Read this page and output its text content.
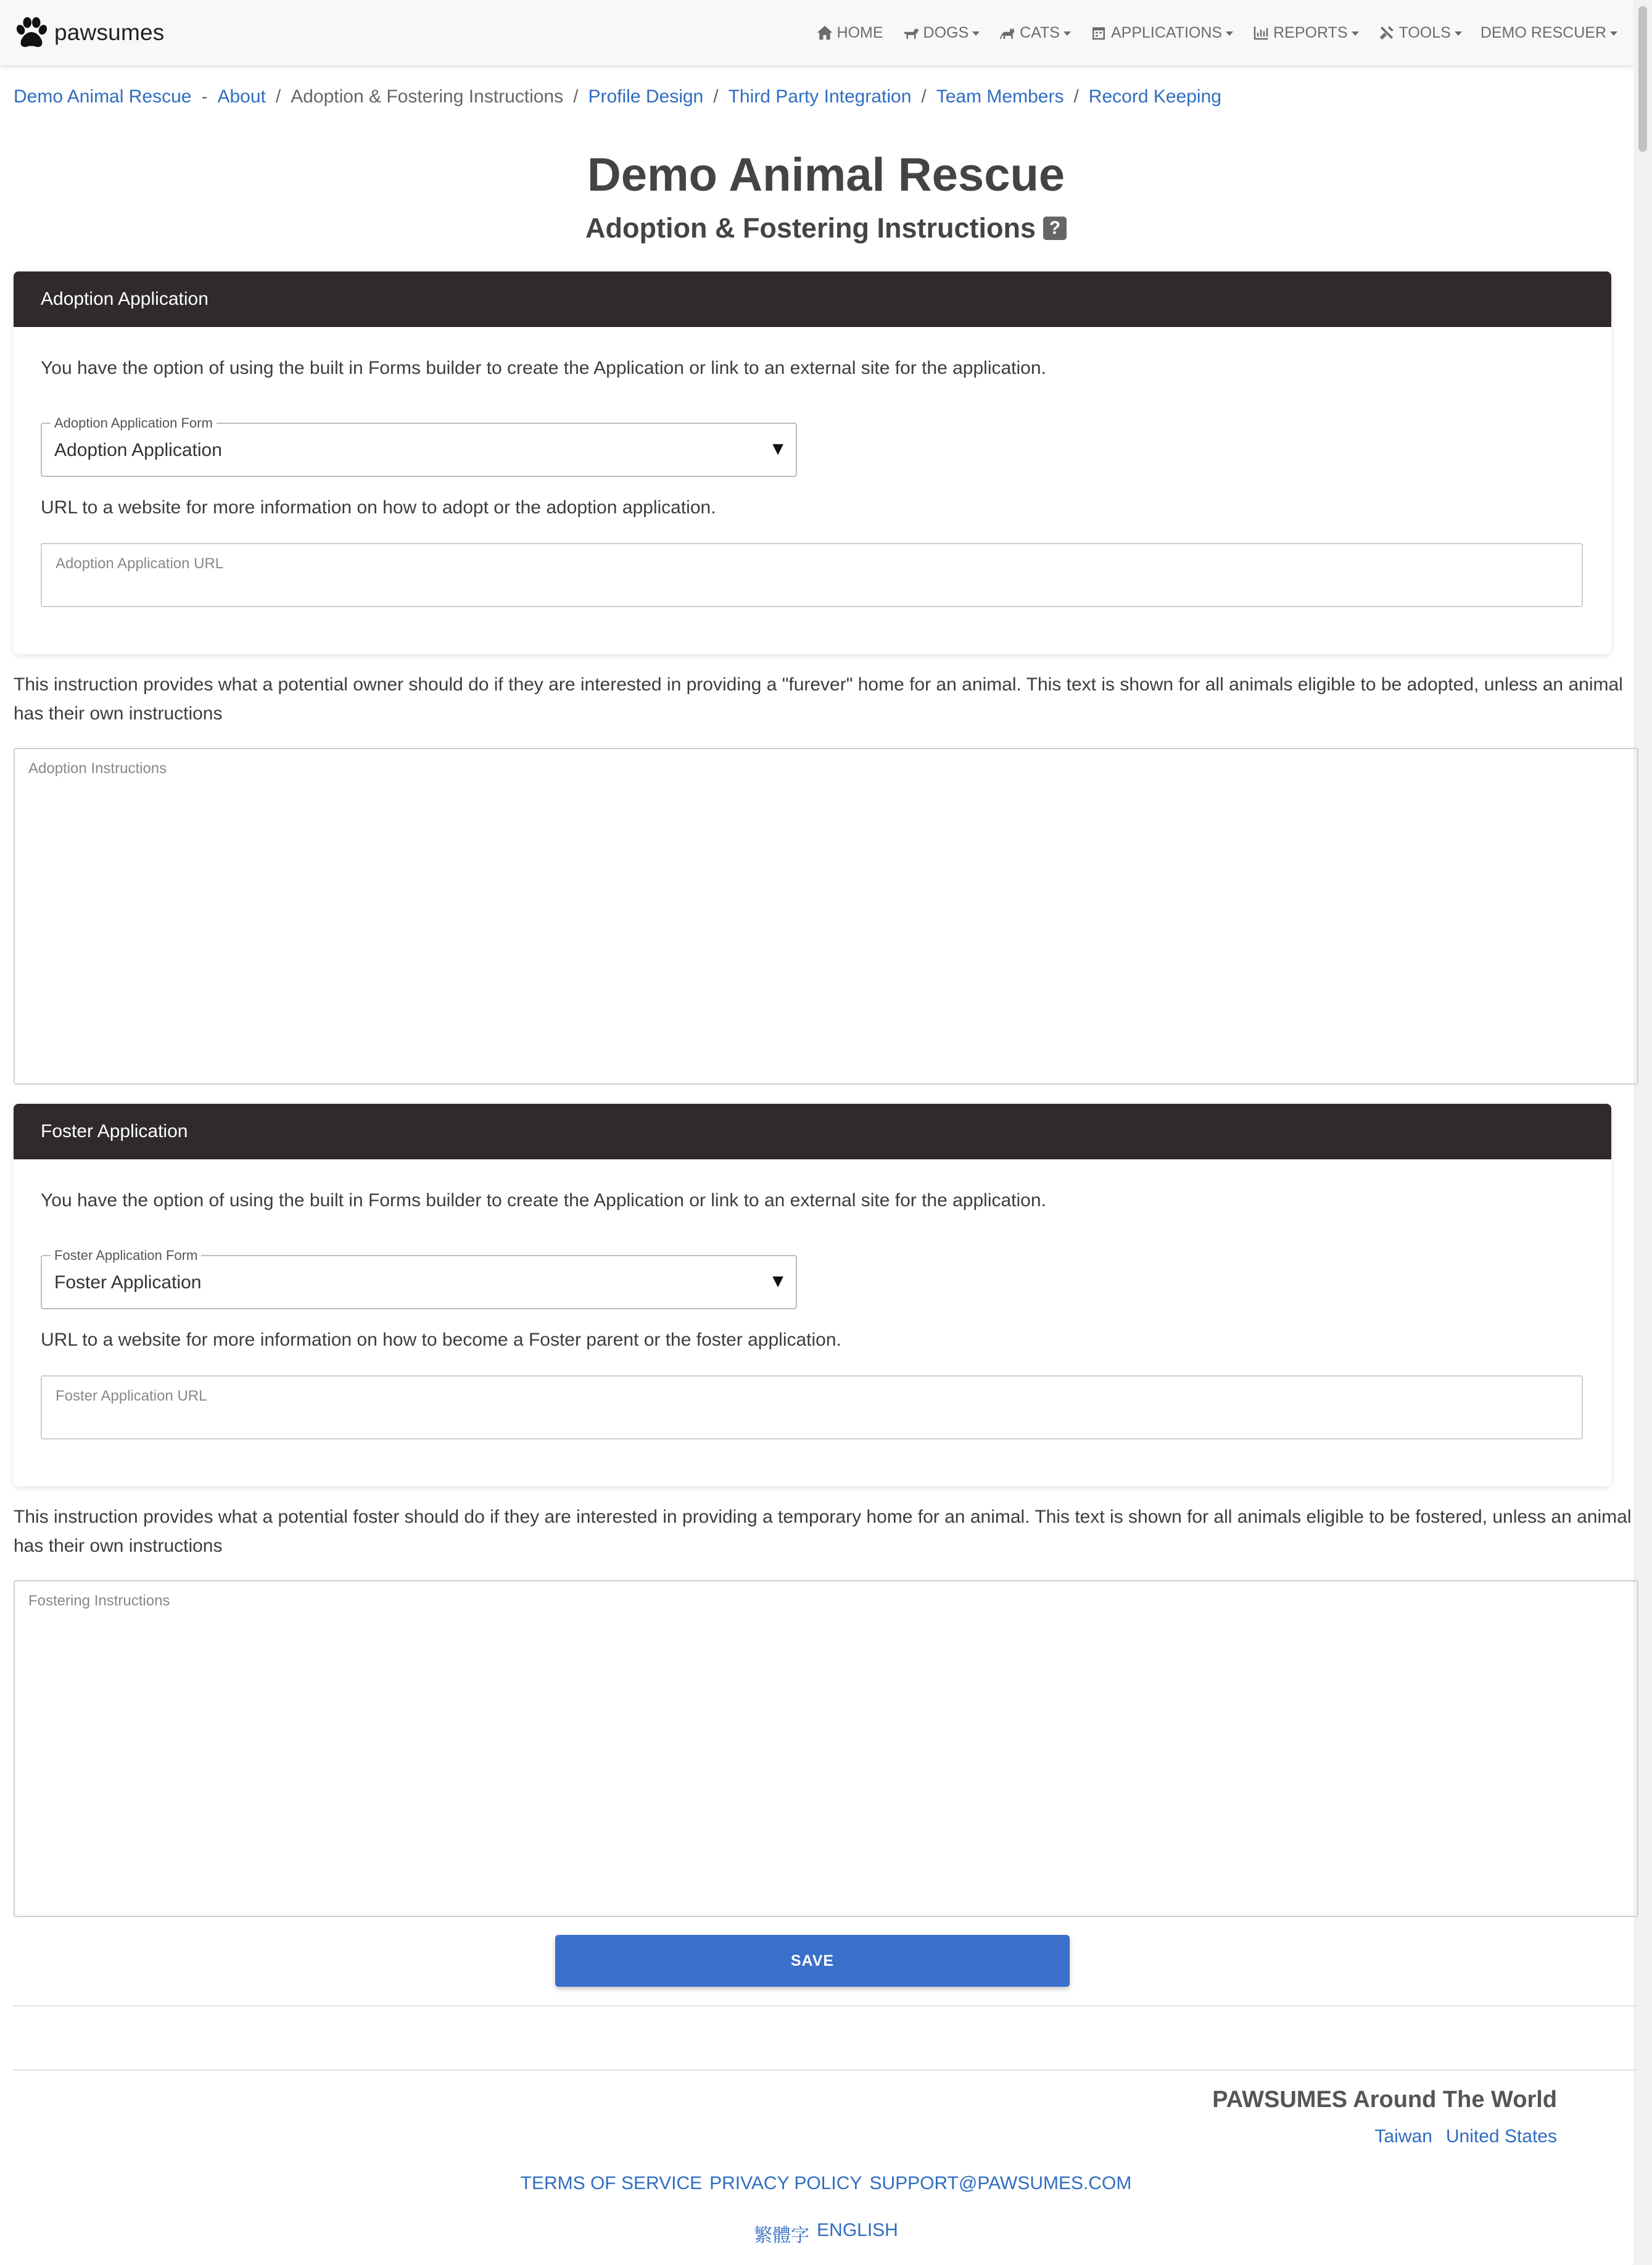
pawsumes	HOME	DOGS	CATS	APPLICATIONS	REPORTS	TOOLS DEMO RESCUER
Demo Animal Rescue - About / Adoption & Fostering Instructions / Profile Design / Third Party Integration / Team Members / Record Keeping
Demo Animal Rescue
Adoption & Fostering Instructions ?
Adoption Application
You have the option of using the built in Forms builder to create the Application or link to an external site for the application.
Adoption Application Form
Adoption Application	▼
URL to a website for more information on how to adopt or the adoption application.
Adoption Application URL
This instruction provides what a potential owner should do if they are interested in providing a "furever" home for an animal. This text is shown for all animals eligible to be adopted, unless an animal has their own instructions
Adoption Instructions
Foster Application
You have the option of using the built in Forms builder to create the Application or link to an external site for the application.
Foster Application Form
Foster Application	▼
URL to a website for more information on how to become a Foster parent or the foster application.
Foster Application URL
This instruction provides what a potential foster should do if they are interested in providing a temporary home for an animal. This text is shown for all animals eligible to be fostered, unless an animal has their own instructions
Fostering Instructions
SAVE
PAWSUMES Around The World
Taiwan United States
TERMS OF SERVICE PRIVACY POLICY SUPPORT@PAWSUMES.COM
繁體字 ENGLISH
